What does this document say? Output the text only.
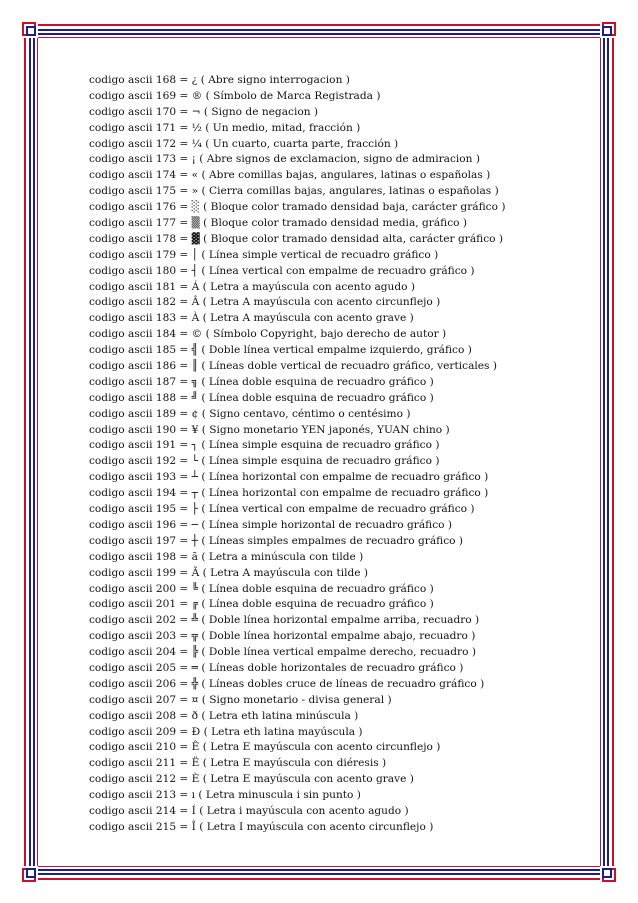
codigo ascii 168 = ¿ ( Abre signo interrogacion )
codigo ascii 169 = ® ( Símbolo de Marca Registrada )
codigo ascii 170 = ¬ ( Signo de negacion )
codigo ascii 171 = ½ ( Un medio, mitad, fracción )
codigo ascii 172 = ¼ ( Un cuarto, cuarta parte, fracción )
codigo ascii 173 = ¡ ( Abre signos de exclamacion, signo de admiracion )
codigo ascii 174 = « ( Abre comillas bajas, angulares, latinas o españolas )
codigo ascii 175 = » ( Cierra comillas bajas, angulares, latinas o españolas )
codigo ascii 176 = ░ ( Bloque color tramado densidad baja, carácter gráfico )
codigo ascii 177 = ▒ ( Bloque color tramado densidad media, gráfico )
codigo ascii 178 = ▓ ( Bloque color tramado densidad alta, carácter gráfico )
codigo ascii 179 = │ ( Línea simple vertical de recuadro gráfico )
codigo ascii 180 = ┤ ( Línea vertical con empalme de recuadro gráfico )
codigo ascii 181 = Á ( Letra a mayúscula con acento agudo )
codigo ascii 182 = Â ( Letra A mayúscula con acento circunflejo )
codigo ascii 183 = À ( Letra A mayúscula con acento grave )
codigo ascii 184 = © ( Símbolo Copyright, bajo derecho de autor )
codigo ascii 185 = ╣ ( Doble línea vertical empalme izquierdo, gráfico )
codigo ascii 186 = ║ ( Líneas doble vertical de recuadro gráfico, verticales )
codigo ascii 187 = ╗ ( Línea doble esquina de recuadro gráfico )
codigo ascii 188 = ╝ ( Línea doble esquina de recuadro gráfico )
codigo ascii 189 = ¢ ( Signo centavo, céntimo o centésimo )
codigo ascii 190 = ¥ ( Signo monetario YEN japonés, YUAN chino )
codigo ascii 191 = ┐ ( Línea simple esquina de recuadro gráfico )
codigo ascii 192 = └ ( Línea simple esquina de recuadro gráfico )
codigo ascii 193 = ┴ ( Línea horizontal con empalme de recuadro gráfico )
codigo ascii 194 = ┬ ( Línea horizontal con empalme de recuadro gráfico )
codigo ascii 195 = ├ ( Línea vertical con empalme de recuadro gráfico )
codigo ascii 196 = ─ ( Línea simple horizontal de recuadro gráfico )
codigo ascii 197 = ┼ ( Líneas simples empalmes de recuadro gráfico )
codigo ascii 198 = ã ( Letra a minúscula con tilde )
codigo ascii 199 = Ã ( Letra A mayúscula con tilde )
codigo ascii 200 = ╚ ( Línea doble esquina de recuadro gráfico )
codigo ascii 201 = ╔ ( Línea doble esquina de recuadro gráfico )
codigo ascii 202 = ╩ ( Doble línea horizontal empalme arriba, recuadro )
codigo ascii 203 = ╦ ( Doble línea horizontal empalme abajo, recuadro )
codigo ascii 204 = ╠ ( Doble línea vertical empalme derecho, recuadro )
codigo ascii 205 = ═ ( Líneas doble horizontales de recuadro gráfico )
codigo ascii 206 = ╬ ( Líneas dobles cruce de líneas de recuadro gráfico )
codigo ascii 207 = ¤ ( Signo monetario - divisa general )
codigo ascii 208 = ð ( Letra eth latina minúscula )
codigo ascii 209 = Ð ( Letra eth latina mayúscula )
codigo ascii 210 = Ê ( Letra E mayúscula con acento circunflejo )
codigo ascii 211 = Ë ( Letra E mayúscula con diéresis )
codigo ascii 212 = È ( Letra E mayúscula con acento grave )
codigo ascii 213 = ı ( Letra minuscula i sin punto )
codigo ascii 214 = Í ( Letra i mayúscula con acento agudo )
codigo ascii 215 = Î ( Letra I mayúscula con acento circunflejo )
